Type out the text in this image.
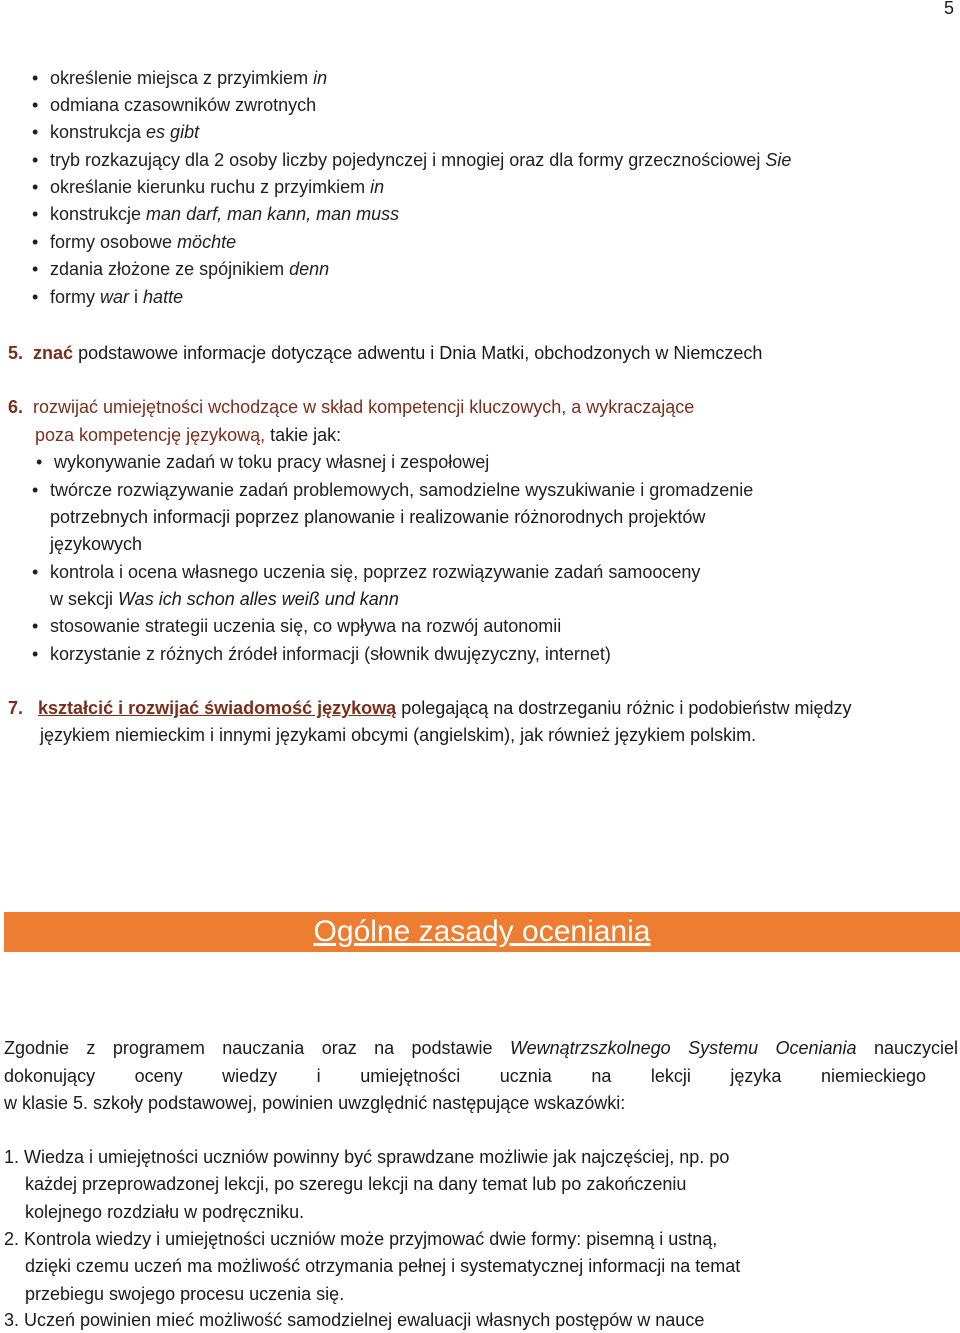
5
• określenie miejsca z przyimkiem in
• odmiana czasowników zwrotnych
• konstrukcja es gibt
• tryb rozkazujący dla 2 osoby liczby pojedynczej i mnogiej oraz dla formy grzecznościowej Sie
• określanie kierunku ruchu z przyimkiem in
• konstrukcje man darf, man kann, man muss
• formy osobowe möchte
• zdania złożone ze spójnikiem denn
• formy war i hatte
5. znać podstawowe informacje dotyczące adwentu i Dnia Matki, obchodzonych w Niemczech
6. rozwijać umiejętności wchodzące w skład kompetencji kluczowych, a wykraczające
poza kompetencję językową, takie jak:
• wykonywanie zadań w toku pracy własnej i zespołowej
• twórcze rozwiązywanie zadań problemowych, samodzielne wyszukiwanie i gromadzenie
potrzebnych informacji poprzez planowanie i realizowanie różnorodnych projektów
językowych
• kontrola i ocena własnego uczenia się, poprzez rozwiązywanie zadań samooceny
w sekcji Was ich schon alles weiß und kann
• stosowanie strategii uczenia się, co wpływa na rozwój autonomii
• korzystanie z różnych źródeł informacji (słownik dwujęzyczny, internet)
7. kształcić i rozwijać świadomość językową polegającą na dostrzeganiu różnic i podobieństw między
językiem niemieckim i innymi językami obcymi (angielskim), jak również językiem polskim.
Ogólne zasady oceniania
Zgodnie z programem nauczania oraz na podstawie Wewnątrzszkolnego Systemu Oceniania nauczyciel
dokonujący oceny wiedzy i umiejętności ucznia na lekcji języka niemieckiego
w klasie 5. szkoły podstawowej, powinien uwzględnić następujące wskazówki:
1. Wiedza i umiejętności uczniów powinny być sprawdzane możliwie jak najczęściej, np. po
każdej przeprowadzonej lekcji, po szeregu lekcji na dany temat lub po zakończeniu
kolejnego rozdziału w podręczniku.
2. Kontrola wiedzy i umiejętności uczniów może przyjmować dwie formy: pisemną i ustną,
dzięki czemu uczeń ma możliwość otrzymania pełnej i systematycznej informacji na temat
przebiegu swojego procesu uczenia się.
3. Uczeń powinien mieć możliwość samodzielnej ewaluacji własnych postępów w nauce
